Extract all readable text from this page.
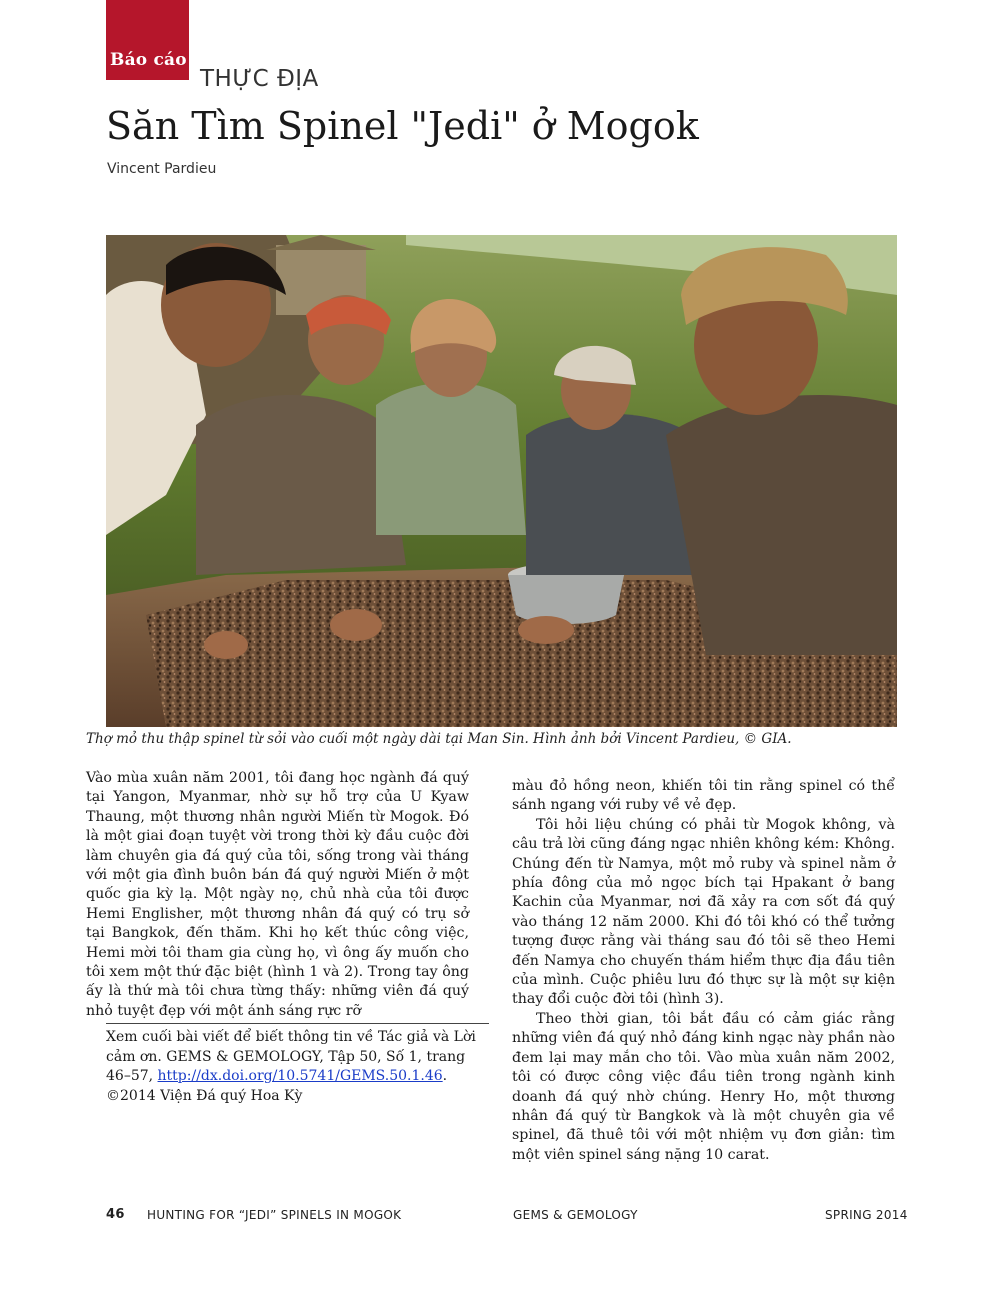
Báo cáo
THỰC ĐỊA
Săn Tìm Spinel "Jedi" ở Mogok
Vincent Pardieu
Thợ mỏ thu thập spinel từ sỏi vào cuối một ngày dài tại Man Sin. Hình ảnh bởi Vincent Pardieu, © GIA.

Vào mùa xuân năm 2001, tôi đang học ngành đá quý tại Yangon, Myanmar, nhờ sự hỗ trợ của U Kyaw Thaung, một thương nhân người Miến từ Mogok. Đó là một giai đoạn tuyệt vời trong thời kỳ đầu cuộc đời làm chuyên gia đá quý của tôi, sống trong vài tháng với một gia đình buôn bán đá quý người Miến ở một quốc gia kỳ lạ. Một ngày nọ, chủ nhà của tôi được Hemi Englisher, một thương nhân đá quý có trụ sở tại Bangkok, đến thăm. Khi họ kết thúc công việc, Hemi mời tôi tham gia cùng họ, vì ông ấy muốn cho tôi xem một thứ đặc biệt (hình 1 và 2). Trong tay ông ấy là thứ mà tôi chưa từng thấy: những viên đá quý nhỏ tuyệt đẹp với một ánh sáng rực rỡ

Xem cuối bài viết để biết thông tin về Tác giả và Lời cảm ơn. GEMS & GEMOLOGY, Tập 50, Số 1, trang 46–57, http://dx.doi.org/10.5741/GEMS.50.1.46. ©2014 Viện Đá quý Hoa Kỳ

màu đỏ hồng neon, khiến tôi tin rằng spinel có thể sánh ngang với ruby về vẻ đẹp.

Tôi hỏi liệu chúng có phải từ Mogok không, và câu trả lời cũng đáng ngạc nhiên không kém: Không. Chúng đến từ Namya, một mỏ ruby và spinel nằm ở phía đông của mỏ ngọc bích tại Hpakant ở bang Kachin của Myanmar, nơi đã xảy ra cơn sốt đá quý vào tháng 12 năm 2000. Khi đó tôi khó có thể tưởng tượng được rằng vài tháng sau đó tôi sẽ theo Hemi đến Namya cho chuyến thám hiểm thực địa đầu tiên của mình. Cuộc phiêu lưu đó thực sự là một sự kiện thay đổi cuộc đời tôi (hình 3).

Theo thời gian, tôi bắt đầu có cảm giác rằng những viên đá quý nhỏ đáng kinh ngạc này phần nào đem lại may mắn cho tôi. Vào mùa xuân năm 2002, tôi có được công việc đầu tiên trong ngành kinh doanh đá quý nhờ chúng. Henry Ho, một thương nhân đá quý từ Bangkok và là một chuyên gia về spinel, đã thuê tôi với một nhiệm vụ đơn giản: tìm một viên spinel sáng nặng 10 carat.

46 HUNTING FOR “JEDI” SPINELS IN MOGOK	GEMS & GEMOLOGY	SPRING 2014
